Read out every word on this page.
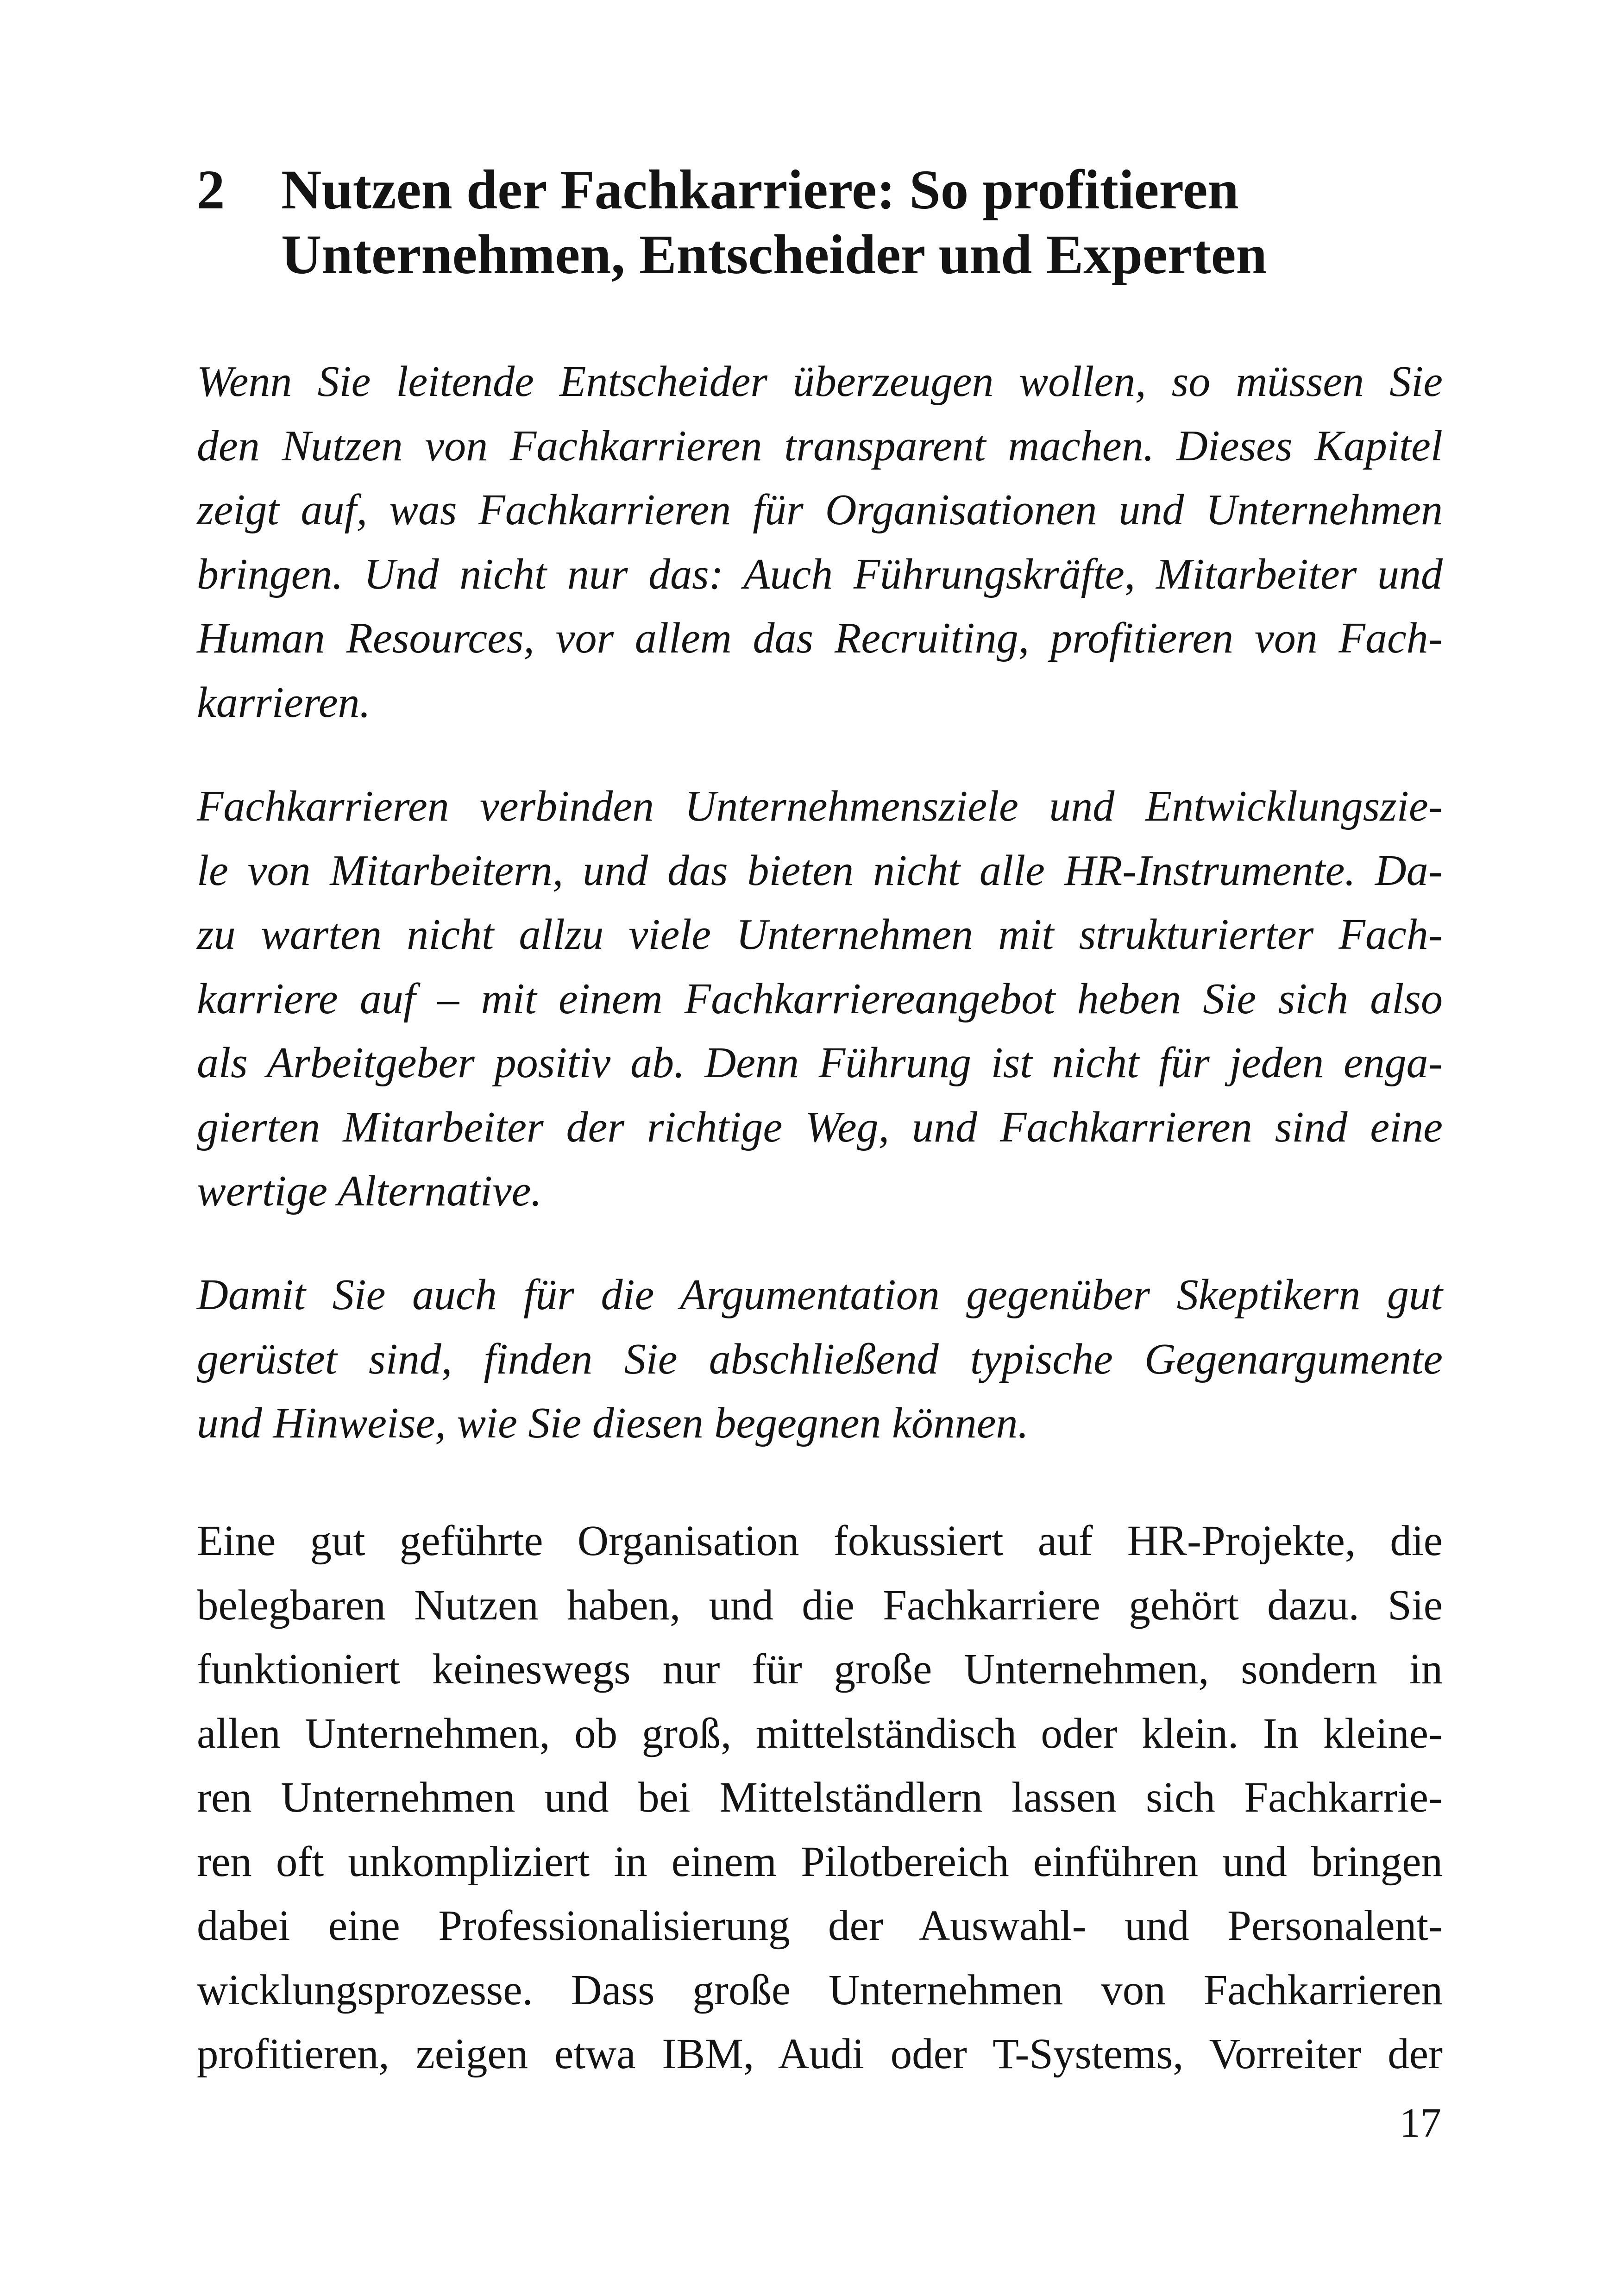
2 Nutzen der Fachkarriere: So profitieren
Unternehmen, Entscheider und Experten
Wenn Sie leitende Entscheider überzeugen wollen, so müssen Sie
den Nutzen von Fachkarrieren transparent machen. Dieses Kapitel
zeigt auf, was Fachkarrieren für Organisationen und Unternehmen
bringen. Und nicht nur das: Auch Führungskräfte, Mitarbeiter und
Human Resources, vor allem das Recruiting, profitieren von Fach-
karrieren.
Fachkarrieren verbinden Unternehmensziele und Entwicklungszie-
le von Mitarbeitern, und das bieten nicht alle HR-Instrumente. Da-
zu warten nicht allzu viele Unternehmen mit strukturierter Fach-
karriere auf – mit einem Fachkarriereangebot heben Sie sich also
als Arbeitgeber positiv ab. Denn Führung ist nicht für jeden enga-
gierten Mitarbeiter der richtige Weg, und Fachkarrieren sind eine
wertige Alternative.
Damit Sie auch für die Argumentation gegenüber Skeptikern gut
gerüstet sind, finden Sie abschließend typische Gegenargumente
und Hinweise, wie Sie diesen begegnen können.
Eine gut geführte Organisation fokussiert auf HR-Projekte, die
belegbaren Nutzen haben, und die Fachkarriere gehört dazu. Sie
funktioniert keineswegs nur für große Unternehmen, sondern in
allen Unternehmen, ob groß, mittelständisch oder klein. In kleine-
ren Unternehmen und bei Mittelständlern lassen sich Fachkarrie-
ren oft unkompliziert in einem Pilotbereich einführen und bringen
dabei eine Professionalisierung der Auswahl- und Personalent-
wicklungsprozesse. Dass große Unternehmen von Fachkarrieren
profitieren, zeigen etwa IBM, Audi oder T-Systems, Vorreiter der
17
